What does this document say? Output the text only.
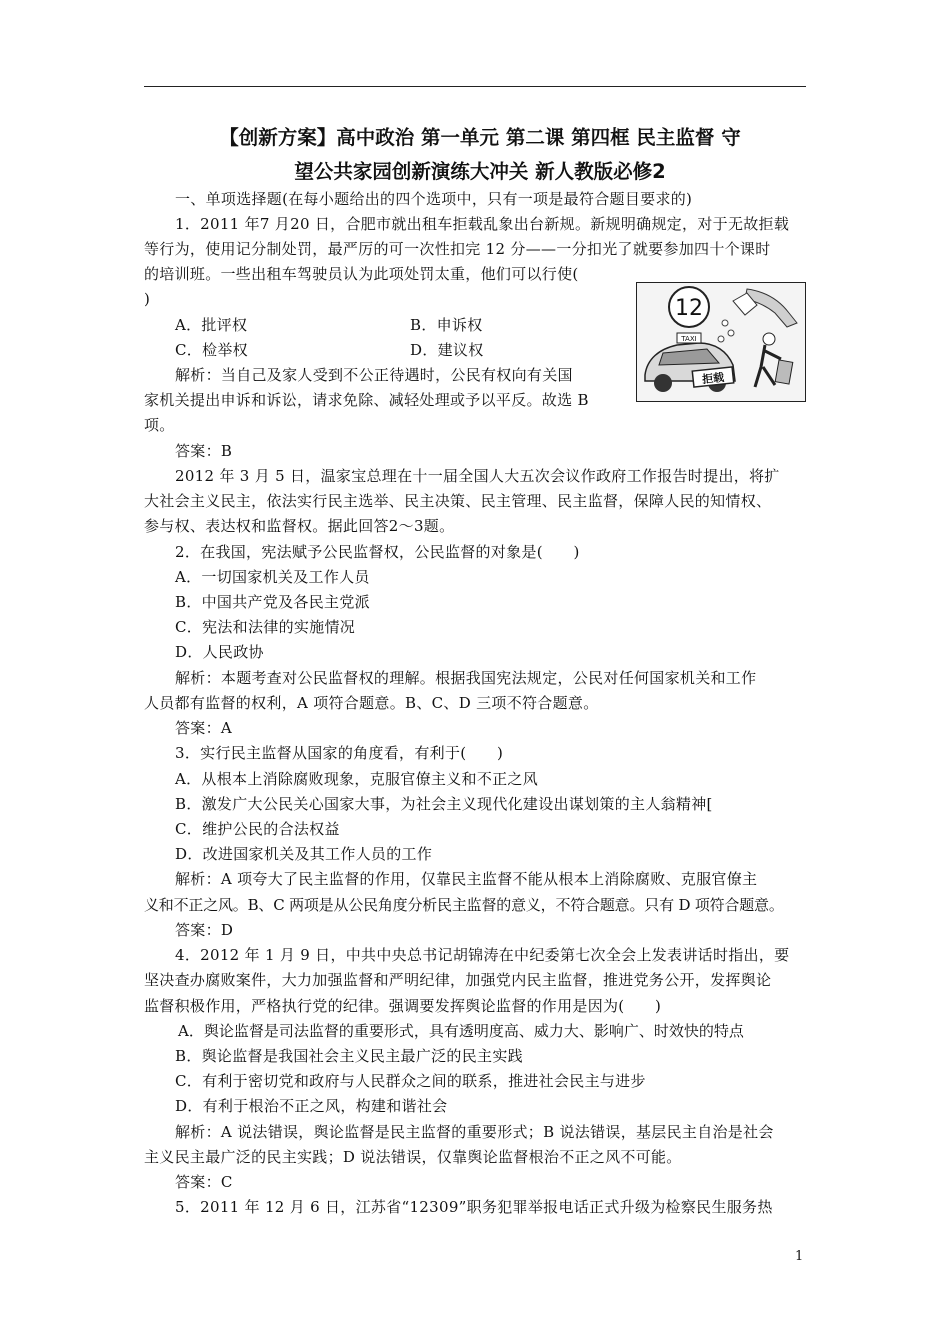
【创新方案】高中政治 第一单元 第二课 第四框 民主监督 守
望公共家园创新演练大冲关 新人教版必修2
一、单项选择题(在每小题给出的四个选项中，只有一项是最符合题目要求的)
1．2011 年7 月20 日，合肥市就出租车拒载乱象出台新规。新规明确规定，对于无故拒载
等行为，使用记分制处罚，最严厉的可一次性扣完 12 分——一分扣光了就要参加四十个课时
的培训班。一些出租车驾驶员认为此项处罚太重，他们可以行使(
)
A．批评权	B．申诉权
C．检举权	D．建议权
解析：当自己及家人受到不公正待遇时，公民有权向有关国
家机关提出申诉和诉讼，请求免除、减轻处理或予以平反。故选 B
项。
答案：B
2012 年 3 月 5 日，温家宝总理在十一届全国人大五次会议作政府工作报告时提出，将扩
大社会主义民主，依法实行民主选举、民主决策、民主管理、民主监督，保障人民的知情权、
参与权、表达权和监督权。据此回答2～3题。
2．在我国，宪法赋予公民监督权，公民监督的对象是(　　)
A．一切国家机关及工作人员
B．中国共产党及各民主党派
C．宪法和法律的实施情况
D．人民政协
解析：本题考查对公民监督权的理解。根据我国宪法规定，公民对任何国家机关和工作
人员都有监督的权利，A 项符合题意。B、C、D 三项不符合题意。
答案：A
3．实行民主监督从国家的角度看，有利于(　　)
A．从根本上消除腐败现象，克服官僚主义和不正之风
B．激发广大公民关心国家大事，为社会主义现代化建设出谋划策的主人翁精神[
C．维护公民的合法权益
D．改进国家机关及其工作人员的工作
解析：A 项夸大了民主监督的作用，仅靠民主监督不能从根本上消除腐败、克服官僚主
义和不正之风。B、C 两项是从公民角度分析民主监督的意义，不符合题意。只有 D 项符合题意。
答案：D
4．2012 年 1 月 9 日，中共中央总书记胡锦涛在中纪委第七次全会上发表讲话时指出，要
坚决查办腐败案件，大力加强监督和严明纪律，加强党内民主监督，推进党务公开，发挥舆论
监督积极作用，严格执行党的纪律。强调要发挥舆论监督的作用是因为(　　)
A．舆论监督是司法监督的重要形式，具有透明度高、威力大、影响广、时效快的特点
B．舆论监督是我国社会主义民主最广泛的民主实践
C．有利于密切党和政府与人民群众之间的联系，推进社会民主与进步
D．有利于根治不正之风，构建和谐社会
解析：A 说法错误，舆论监督是民主监督的重要形式；B 说法错误，基层民主自治是社会
主义民主最广泛的民主实践；D 说法错误，仅靠舆论监督根治不正之风不可能。
答案：C
5．2011 年 12 月 6 日，江苏省“12309”职务犯罪举报电话正式升级为检察民生服务热
12
TAXI
拒载
1
